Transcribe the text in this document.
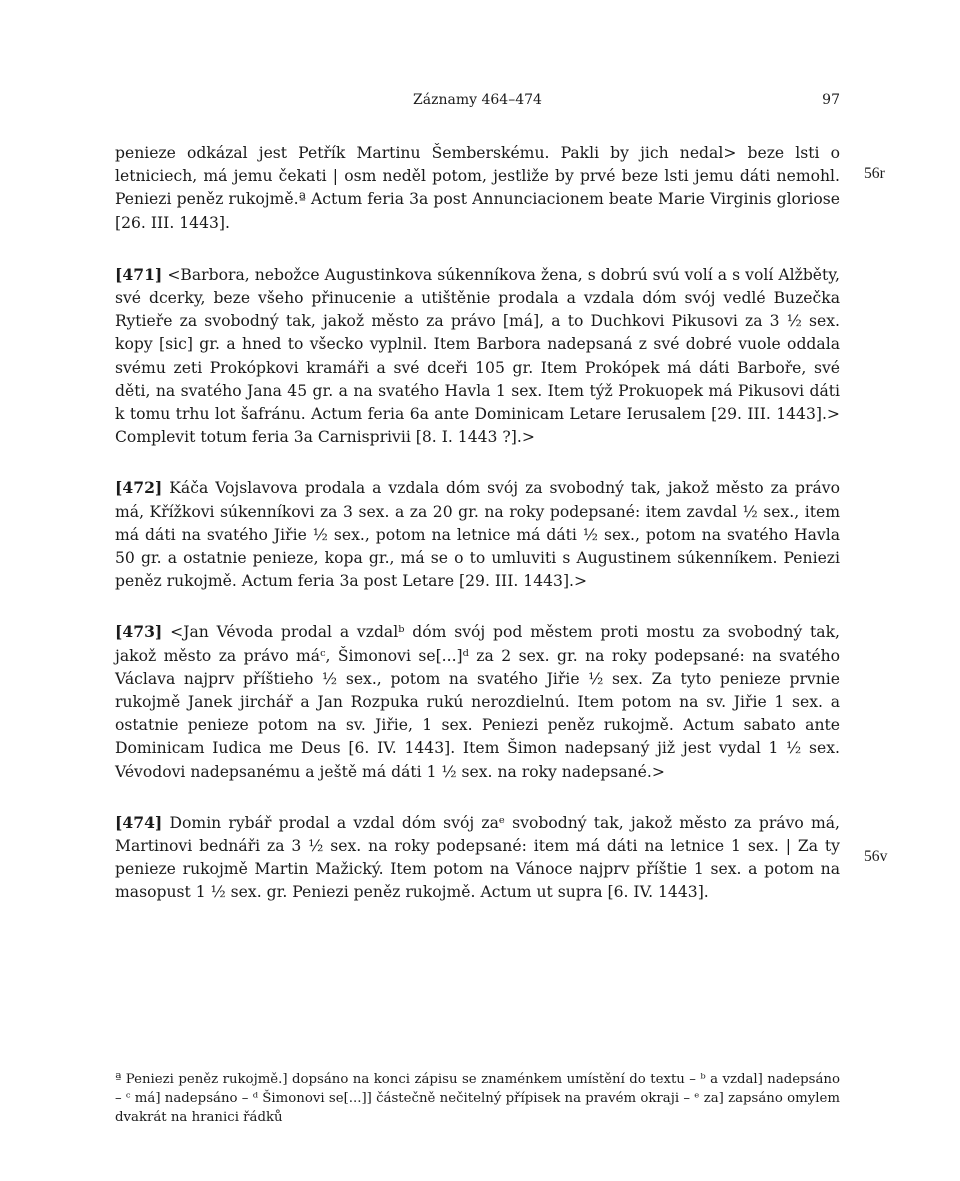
Záznamy 464–474	97
56r
56v

penieze odkázal jest Petřík Martinu Šemberskému. Pakli by jich nedal> beze lsti o letniciech, má jemu čekati | osm neděl potom, jestliže by prvé beze lsti jemu dáti nemohl. Peniezi peněz rukojmě.ª Actum feria 3a post Annunciacionem beate Marie Virginis gloriose [26. III. 1443].

[471] <Barbora, nebožce Augustinkova súkenníkova žena, s dobrú svú volí a s volí Alžběty, své dcerky, beze všeho přinucenie a utištěnie prodala a vzdala dóm svój vedlé Buzečka Rytieře za svobodný tak, jakož město za právo [má], a to Duchkovi Pikusovi za 3 ½ sex. kopy [sic] gr. a hned to všecko vyplnil. Item Barbora nadepsaná z své dobré vuole oddala svému zeti Prokópkovi kramáři a své dceři 105 gr. Item Prokópek má dáti Barboře, své děti, na svatého Jana 45 gr. a na svatého Havla 1 sex. Item týž Prokuopek má Pikusovi dáti k tomu trhu lot šafránu. Actum feria 6a ante Dominicam Letare Ierusalem [29. III. 1443].> Complevit totum feria 3a Carnisprivii [8. I. 1443 ?].>

[472] Káča Vojslavova prodala a vzdala dóm svój za svobodný tak, jakož město za právo má, Křížkovi súkenníkovi za 3 sex. a za 20 gr. na roky podepsané: item zavdal ½ sex., item má dáti na svatého Jiřie ½ sex., potom na letnice má dáti ½ sex., potom na svatého Havla 50 gr. a ostatnie penieze, kopa gr., má se o to umluviti s Augustinem súkenníkem. Peniezi peněz rukojmě. Actum feria 3a post Letare [29. III. 1443].>

[473] <Jan Vévoda prodal a vzdalᵇ dóm svój pod městem proti mostu za svobodný tak, jakož město za právo máᶜ, Šimonovi se[...]ᵈ za 2 sex. gr. na roky podepsané: na svatého Václava najprv příštieho ½ sex., potom na svatého Jiřie ½ sex. Za tyto penieze prvnie rukojmě Janek jirchář a Jan Rozpuka rukú nerozdielnú. Item potom na sv. Jiřie 1 sex. a ostatnie penieze potom na sv. Jiřie, 1 sex. Peniezi peněz rukojmě. Actum sabato ante Dominicam Iudica me Deus [6. IV. 1443]. Item Šimon nadepsaný již jest vydal 1 ½ sex. Vévodovi nadepsanému a ještě má dáti 1 ½ sex. na roky nadepsané.>

[474] Domin rybář prodal a vzdal dóm svój zaᵉ svobodný tak, jakož město za právo má, Martinovi bednáři za 3 ½ sex. na roky podepsané: item má dáti na letnice 1 sex. | Za ty penieze rukojmě Martin Mažický. Item potom na Vánoce najprv příštie 1 sex. a potom na masopust 1 ½ sex. gr. Peniezi peněz rukojmě. Actum ut supra [6. IV. 1443].

ª Peniezi peněz rukojmě.] dopsáno na konci zápisu se znaménkem umístění do textu – ᵇ a vzdal] nadepsáno – ᶜ má] nadepsáno – ᵈ Šimonovi se[...]] částečně nečitelný přípisek na pravém okraji – ᵉ za] zapsáno omylem dvakrát na hranici řádků
